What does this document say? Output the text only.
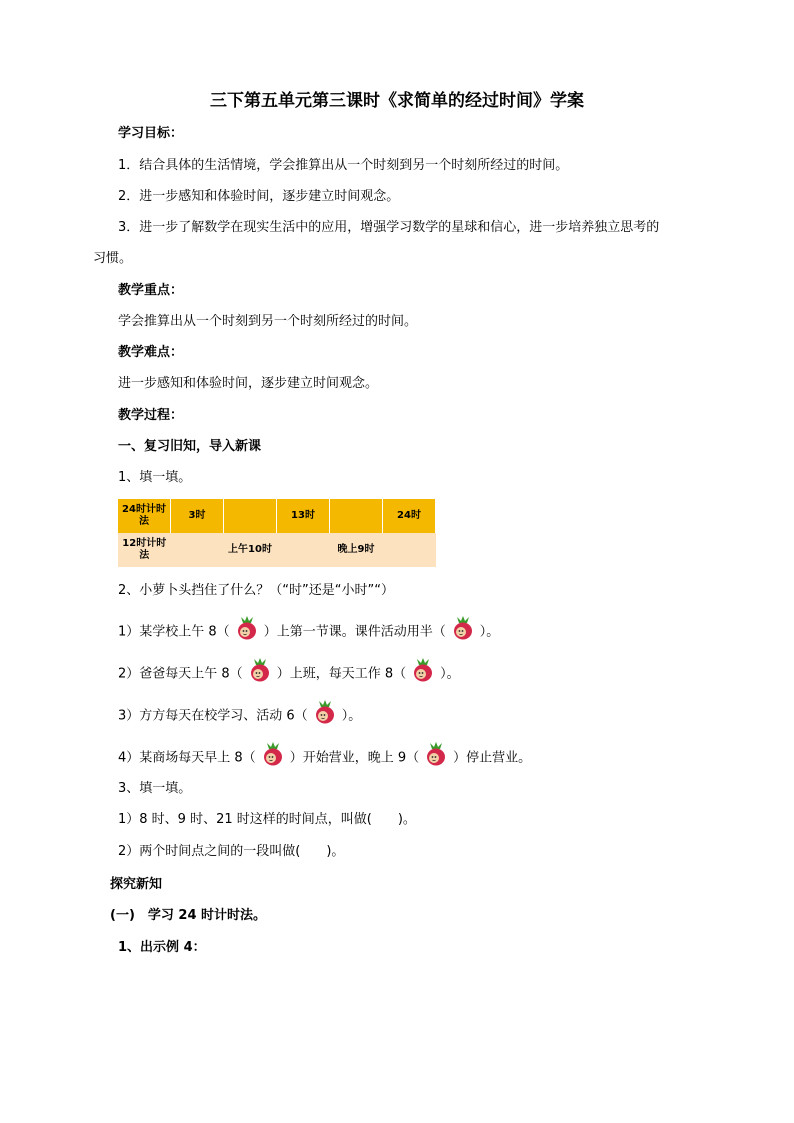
三下第五单元第三课时《求简单的经过时间》学案
学习目标：
1．结合具体的生活情境，学会推算出从一个时刻到另一个时刻所经过的时间。
2．进一步感知和体验时间，逐步建立时间观念。
3．进一步了解数学在现实生活中的应用，增强学习数学的星球和信心，进一步培养独立思考的
习惯。
教学重点：
学会推算出从一个时刻到另一个时刻所经过的时间。
教学难点：
进一步感知和体验时间，逐步建立时间观念。
教学过程：
一、复习旧知，导入新课
1、填一填。
24时计时法	3时		13时		24时
12时计时法		上午10时		晚上9时	
2、小萝卜头挡住了什么？（“时”还是“小时”“）
1）某学校上午 8（	）上第一节课。课件活动用半（	）。
2）爸爸每天上午 8（	）上班，每天工作 8（	）。
3）方方每天在校学习、活动 6（	）。
4）某商场每天早上 8（	）开始营业，晚上 9（	）停止营业。
3、填一填。
1）8 时、9 时、21 时这样的时间点，叫做(　　)。
2）两个时间点之间的一段叫做(　　)。
探究新知
(一)　学习 24 时计时法。
1、出示例 4：
